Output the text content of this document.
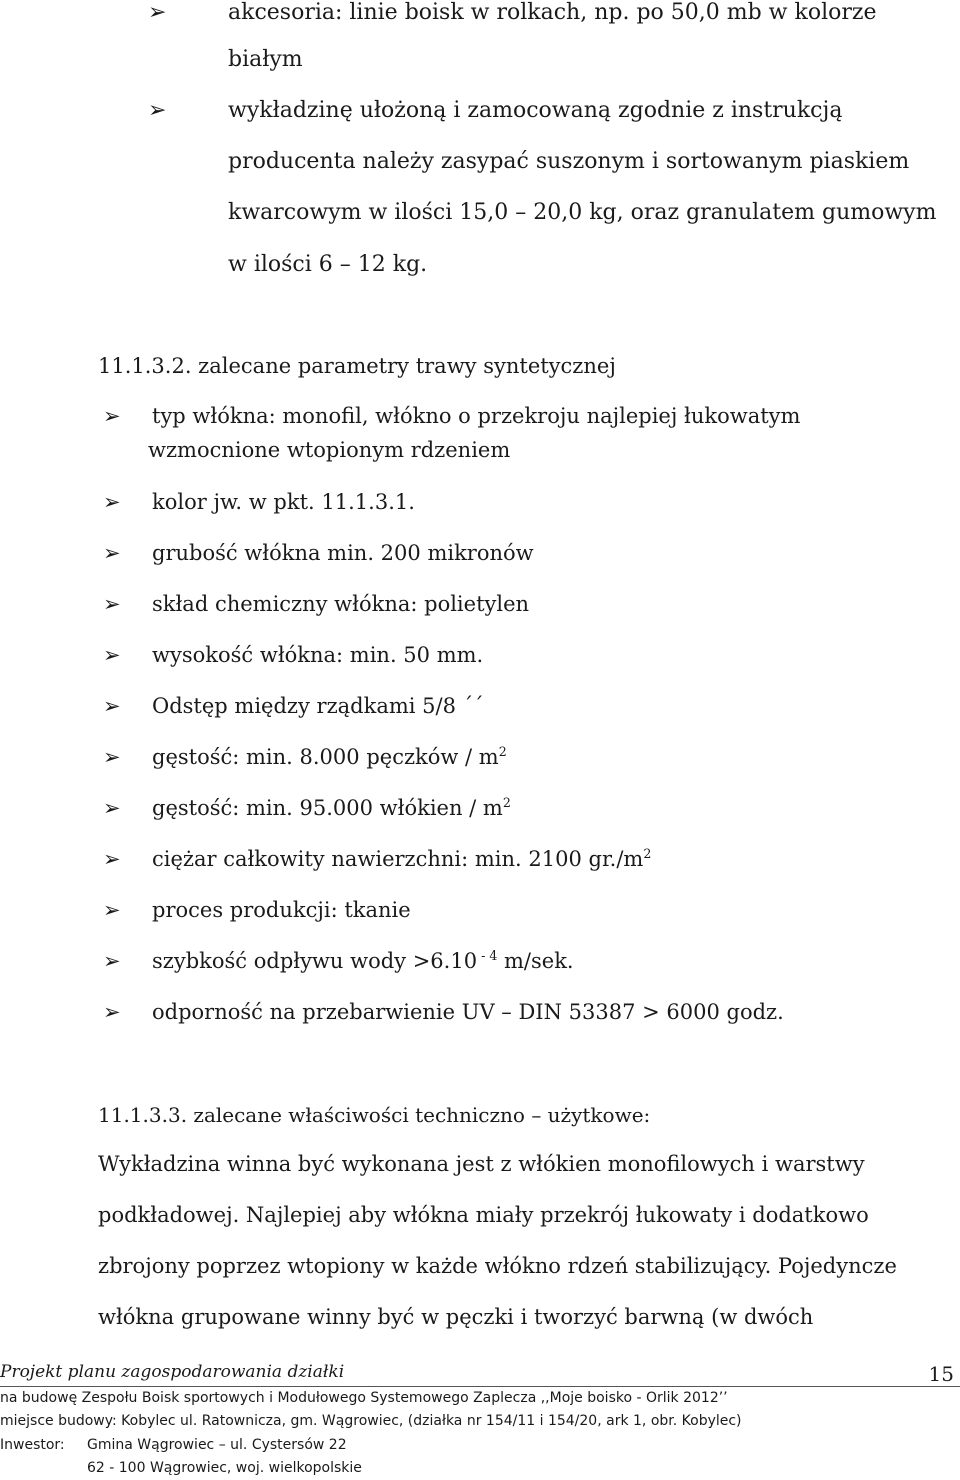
➢	akcesoria: linie boisk w rolkach, np. po 50,0 mb w kolorze
białym
➢	wykładzinę ułożoną i zamocowaną zgodnie z instrukcją
producenta należy zasypać suszonym i sortowanym piaskiem
kwarcowym w ilości 15,0 – 20,0 kg, oraz granulatem gumowym
w ilości 6 – 12 kg.
11.1.3.2. zalecane parametry trawy syntetycznej
➢ typ włókna: monofil, włókno o przekroju najlepiej łukowatym
wzmocnione wtopionym rdzeniem
➢ kolor jw. w pkt. 11.1.3.1.
➢ grubość włókna min. 200 mikronów
➢ skład chemiczny włókna: polietylen
➢ wysokość włókna: min. 50 mm.
➢ Odstęp między rządkami 5/8 ´´
➢ gęstość: min. 8.000 pęczków / $m^2$
➢ gęstość: min. 95.000 włókien / $m^2$
➢ ciężar całkowity nawierzchni: min. 2100 $gr./m^2$
➢ proces produkcji: tkanie
➢ szybkość odpływu wody >6.10 $^{- 4}$ m/sek.
➢ odporność na przebarwienie UV – DIN 53387 > 6000 godz.
11.1.3.3. zalecane właściwości techniczno – użytkowe:
Wykładzina winna być wykonana jest z włókien monofilowych i warstwy
podkładowej. Najlepiej aby włókna miały przekrój łukowaty i dodatkowo
zbrojony poprzez wtopiony w każde włókno rdzeń stabilizujący. Pojedyncze
włókna grupowane winny być w pęczki i tworzyć barwną (w dwóch
Projekt planu zagospodarowania działki	15
na budowę Zespołu Boisk sportowych i Modułowego Systemowego Zaplecza ,,Moje boisko - Orlik 2012’’
miejsce budowy: Kobylec ul. Ratownicza, gm. Wągrowiec, (działka nr 154/11 i 154/20, ark 1, obr. Kobylec)
Inwestor: Gmina Wągrowiec – ul. Cystersów 22
62 - 100 Wągrowiec, woj. wielkopolskie
